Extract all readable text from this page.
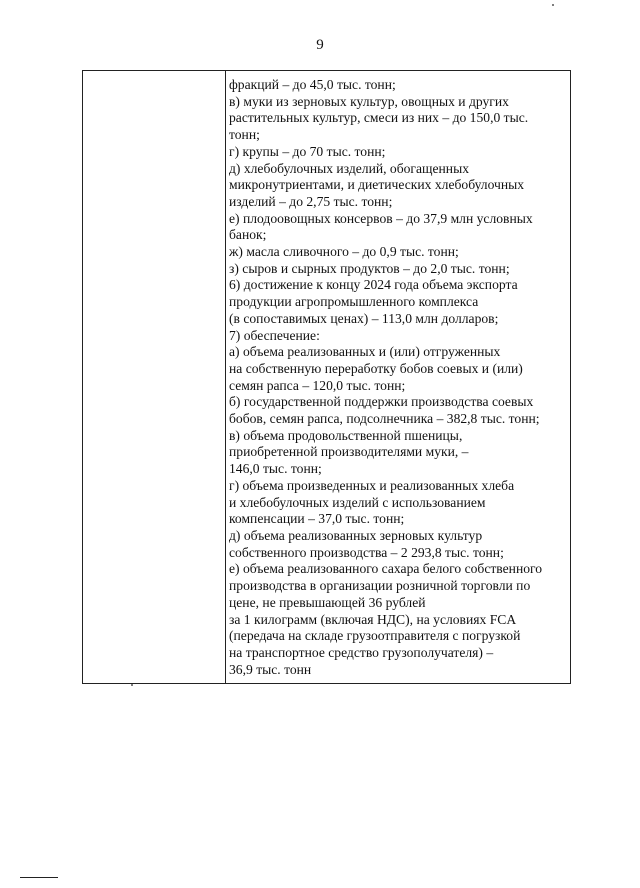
9
фракций – до 45,0 тыс. тонн;
в) муки из зерновых культур, овощных и других
растительных культур, смеси из них – до 150,0 тыс.
тонн;
г) крупы – до 70 тыс. тонн;
д) хлебобулочных изделий, обогащенных
микронутриентами, и диетических хлебобулочных
изделий – до 2,75 тыс. тонн;
е) плодоовощных консервов – до 37,9 млн условных
банок;
ж) масла сливочного – до 0,9 тыс. тонн;
з) сыров и сырных продуктов – до 2,0 тыс. тонн;
6) достижение к концу 2024 года объема экспорта
продукции агропромышленного комплекса
(в сопоставимых ценах) – 113,0 млн долларов;
7) обеспечение:
а) объема реализованных и (или) отгруженных
на собственную переработку бобов соевых и (или)
семян рапса – 120,0 тыс. тонн;
б) государственной поддержки производства соевых
бобов, семян рапса, подсолнечника – 382,8 тыс. тонн;
в) объема продовольственной пшеницы,
приобретенной производителями муки, –
146,0 тыс. тонн;
г) объема произведенных и реализованных хлеба
и хлебобулочных изделий с использованием
компенсации – 37,0 тыс. тонн;
д) объема реализованных зерновых культур
собственного производства – 2 293,8 тыс. тонн;
е) объема реализованного сахара белого собственного
производства в организации розничной торговли по
цене, не превышающей 36 рублей
за 1 килограмм (включая НДС), на условиях FCA
(передача на складе грузоотправителя с погрузкой
на транспортное средство грузополучателя) –
36,9 тыс. тонн
